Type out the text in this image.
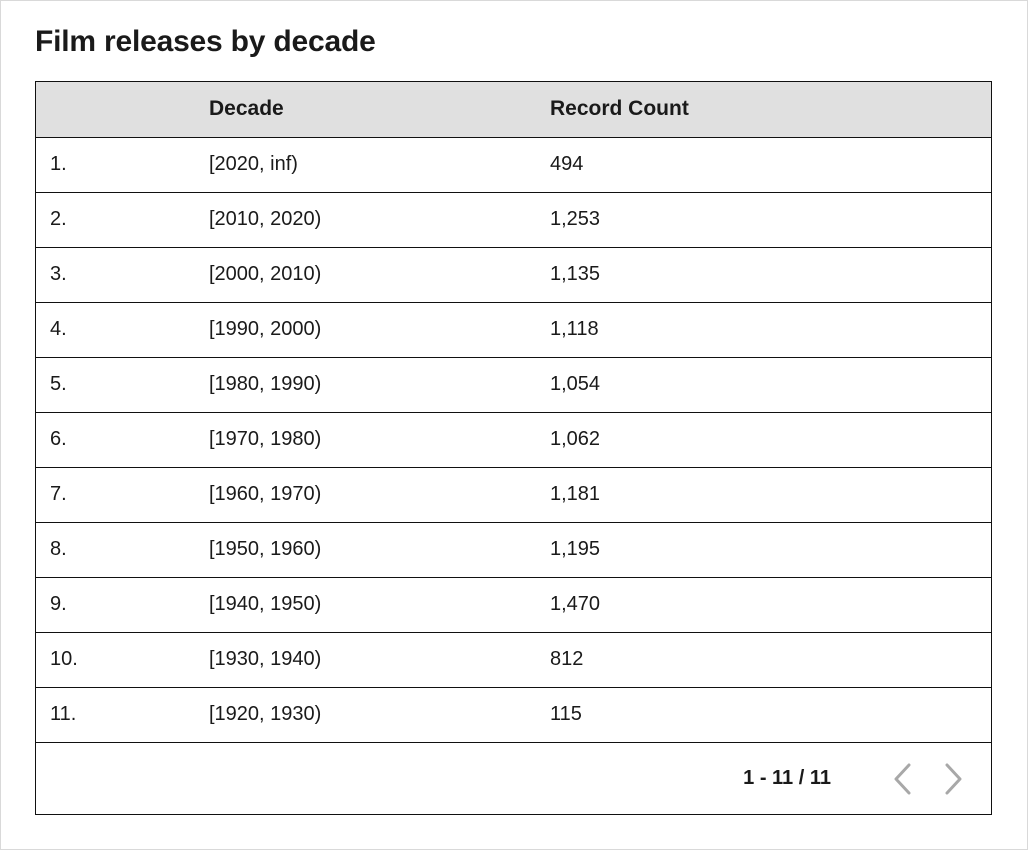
Film releases by decade
	Decade	Record Count
1.	[2020, inf)	494
2.	[2010, 2020)	1,253
3.	[2000, 2010)	1,135
4.	[1990, 2000)	1,118
5.	[1980, 1990)	1,054
6.	[1970, 1980)	1,062
7.	[1960, 1970)	1,181
8.	[1950, 1960)	1,195
9.	[1940, 1950)	1,470
10.	[1930, 1940)	812
11.	[1920, 1930)	115
1 - 11 / 11
